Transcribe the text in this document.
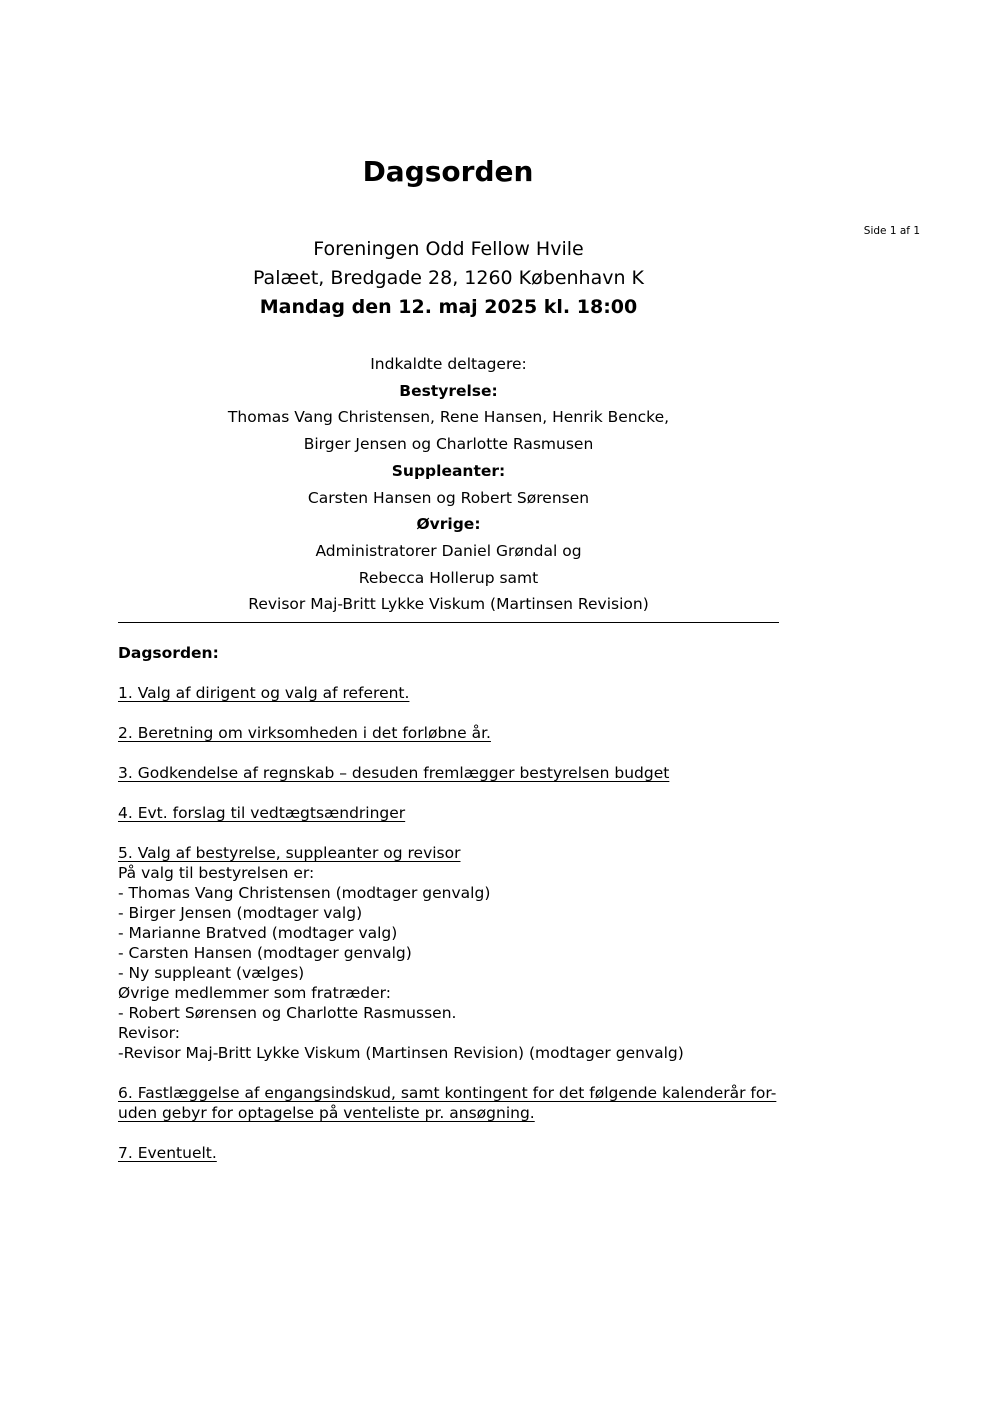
Dagsorden
Side 1 af 1
Foreningen Odd Fellow Hvile
Palæet, Bredgade 28, 1260 København K
Mandag den 12. maj 2025 kl. 18:00
Indkaldte deltagere:
Bestyrelse:
Thomas Vang Christensen, Rene Hansen, Henrik Bencke,
Birger Jensen og Charlotte Rasmusen
Suppleanter:
Carsten Hansen og Robert Sørensen
Øvrige:
Administratorer Daniel Grøndal og
Rebecca Hollerup samt
Revisor Maj-Britt Lykke Viskum (Martinsen Revision)
Dagsorden:
1. Valg af dirigent og valg af referent.
2. Beretning om virksomheden i det forløbne år.
3. Godkendelse af regnskab – desuden fremlægger bestyrelsen budget
4. Evt. forslag til vedtægtsændringer
5. Valg af bestyrelse, suppleanter og revisor
På valg til bestyrelsen er:
- Thomas Vang Christensen (modtager genvalg)
- Birger Jensen (modtager valg)
- Marianne Bratved (modtager valg)
- Carsten Hansen (modtager genvalg)
- Ny suppleant (vælges)
Øvrige medlemmer som fratræder:
- Robert Sørensen og Charlotte Rasmussen.
Revisor:
-Revisor Maj-Britt Lykke Viskum (Martinsen Revision) (modtager genvalg)
6. Fastlæggelse af engangsindskud, samt kontingent for det følgende kalenderår for-
uden gebyr for optagelse på venteliste pr. ansøgning.
7. Eventuelt.
